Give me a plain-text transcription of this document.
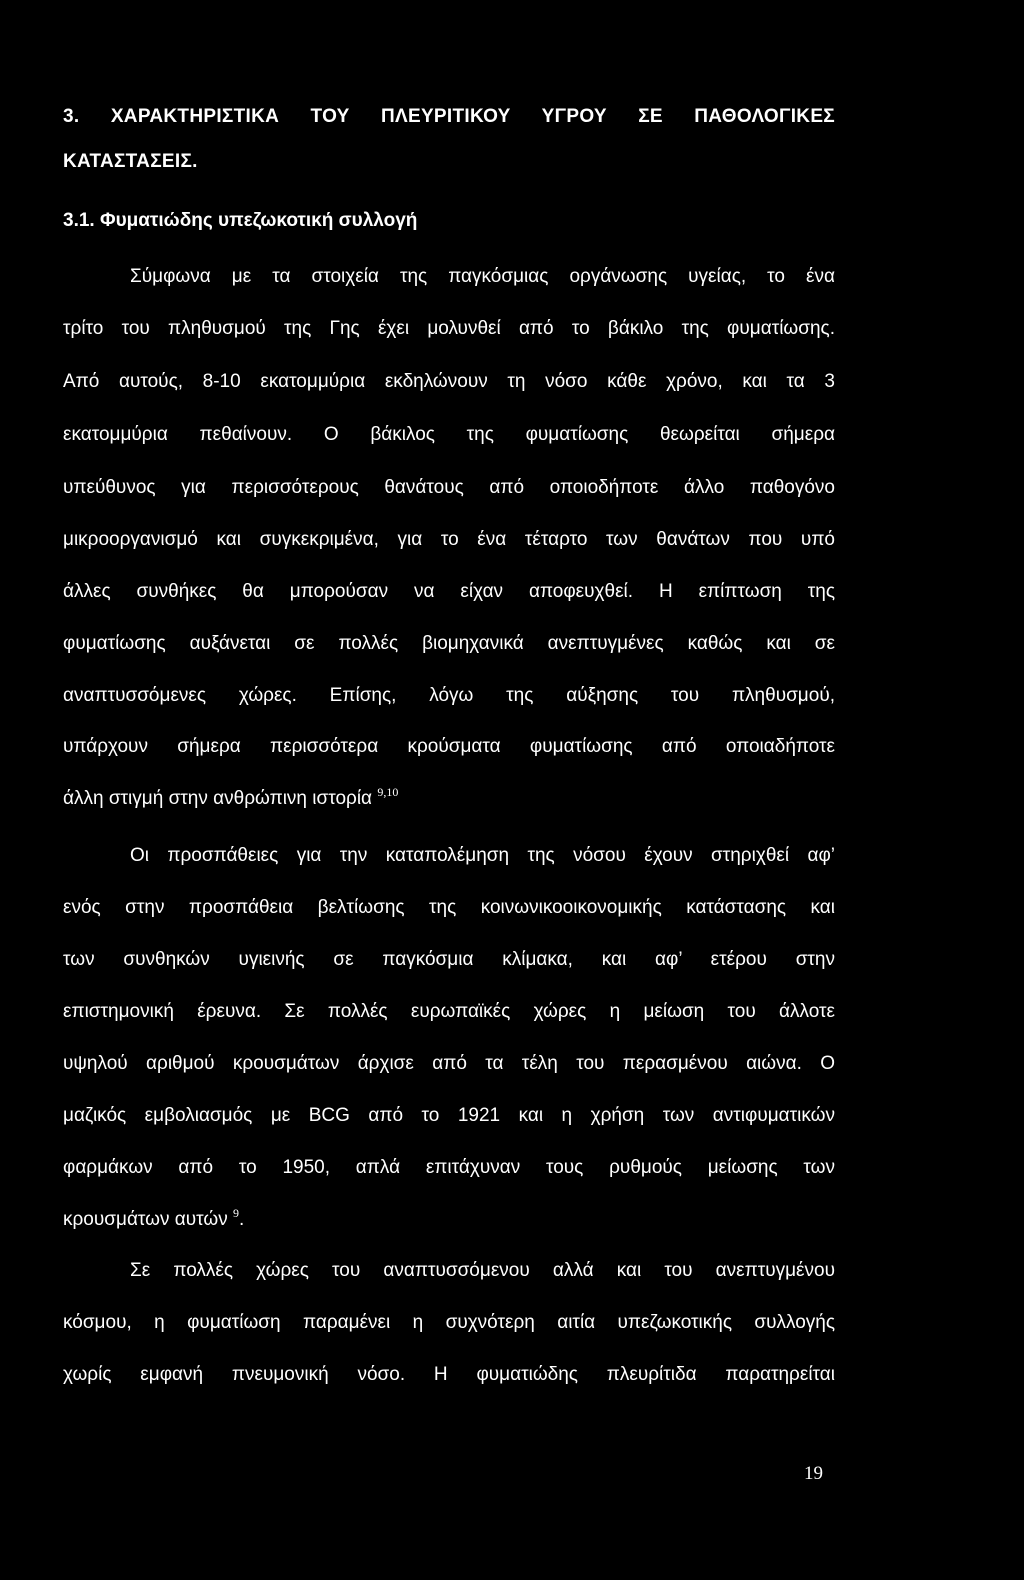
3. ΧΑΡΑΚΤΗΡΙΣΤΙΚΑ ΤΟΥ ΠΛΕΥΡΙΤΙΚΟΥ ΥΓΡΟΥ ΣΕ ΠΑΘΟΛΟΓΙΚΕΣ
ΚΑΤΑΣΤΑΣΕΙΣ.
3.1. Φυματιώδης υπεζωκοτική συλλογή
Σύμφωνα με τα στοιχεία της παγκόσμιας οργάνωσης υγείας, το ένα
τρίτο του πληθυσμού της Γης έχει μολυνθεί από το βάκιλο της φυματίωσης.
Από αυτούς, 8-10 εκατομμύρια εκδηλώνουν τη νόσο κάθε χρόνο, και τα 3
εκατομμύρια πεθαίνουν. Ο βάκιλος της φυματίωσης θεωρείται σήμερα
υπεύθυνος για περισσότερους θανάτους από οποιοδήποτε άλλο παθογόνο
μικροοργανισμό και συγκεκριμένα, για το ένα τέταρτο των θανάτων που υπό
άλλες συνθήκες θα μπορούσαν να είχαν αποφευχθεί. Η επίπτωση της
φυματίωσης αυξάνεται σε πολλές βιομηχανικά ανεπτυγμένες καθώς και σε
αναπτυσσόμενες χώρες. Επίσης, λόγω της αύξησης του πληθυσμού,
υπάρχουν σήμερα περισσότερα κρούσματα φυματίωσης από οποιαδήποτε
άλλη στιγμή στην ανθρώπινη ιστορία $^{9,10}$
Οι προσπάθειες για την καταπολέμηση της νόσου έχουν στηριχθεί αφ’
ενός στην προσπάθεια βελτίωσης της κοινωνικοοικονομικής κατάστασης και
των συνθηκών υγιεινής σε παγκόσμια κλίμακα, και αφ’ ετέρου στην
επιστημονική έρευνα. Σε πολλές ευρωπαϊκές χώρες η μείωση του άλλοτε
υψηλού αριθμού κρουσμάτων άρχισε από τα τέλη του περασμένου αιώνα. Ο
μαζικός εμβολιασμός με BCG από το 1921 και η χρήση των αντιφυματικών
φαρμάκων από το 1950, απλά επιτάχυναν τους ρυθμούς μείωσης των
κρουσμάτων αυτών $^9$.
Σε πολλές χώρες του αναπτυσσόμενου αλλά και του ανεπτυγμένου
κόσμου, η φυματίωση παραμένει η συχνότερη αιτία υπεζωκοτικής συλλογής
χωρίς εμφανή πνευμονική νόσο. Η φυματιώδης πλευρίτιδα παρατηρείται
19
